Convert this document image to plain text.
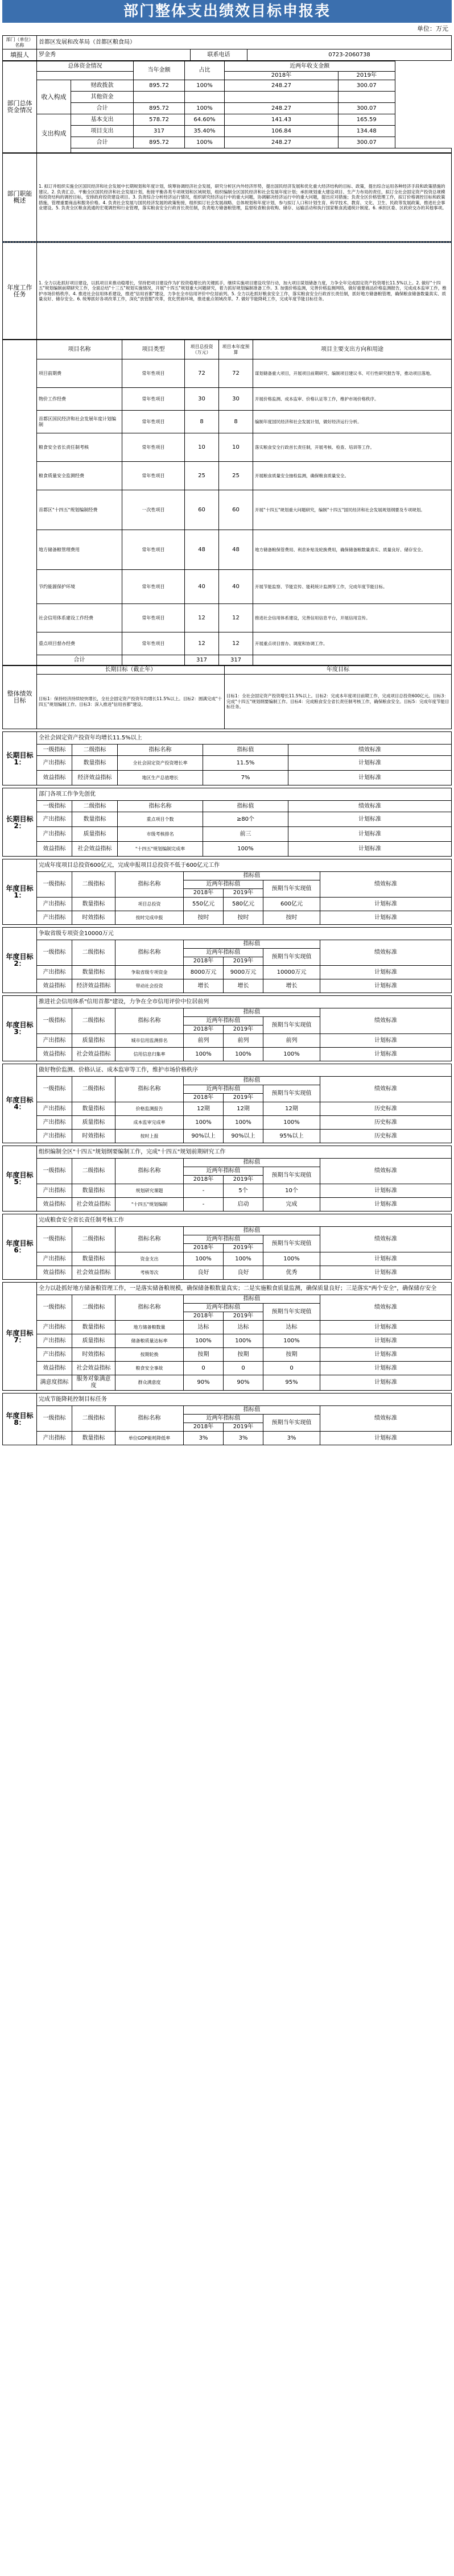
部门整体支出绩效目标申报表
单位：万元
部门（单位）名称	首都区发展和改革局（首都区粮食局）		
填报人	罗金秀	联系电话	0723-2060738
部门总体资金情况	总体资金情况		当年金额	占比	近两年收支金额	
					2018年	2019年
	收入构成	财政拨款	895.72	100%	248.27	300.07
		其他资金				
		合计	895.72	100%	248.27	300.07
	支出构成	基本支出	578.72	64.60%	141.43	165.59
		项目支出	317	35.40%	106.84	134.48
		合计	895.72	100%	248.27	300.07

部门职能概述	1. 拟订并组织实施全区国民经济和社会发展中长期规划和年度计划，统筹协调经济社会发展，研究分析区内外经济形势，提出国民经济发展和优化重大经济结构的目标、政策，提出综合运用各种经济手段和政策措施的建议。2. 负责汇总、平衡全区国民经济和社会发展计划，衔接平衡各类专项规划和区域规划，组织编制全区国民经济和社会发展年度计划；承担规划重大建设项目、生产力布局的责任，拟订全社会固定资产投资总规模和投资结构的调控目标，安排政府投资建设项目。3. 负责综合分析经济运行情况，组织研究经济运行中的重大问题，协调解决经济运行中的重大问题，提出应对措施；负责全区价格管理工作，拟订价格调控目标和政策措施，管理重要商品和服务价格。4. 负责社会发展与国民经济发展的政策衔接，组织拟订社会发展战略、总体规划和年度计划，参与拟订人口和计划生育、科学技术、教育、文化、卫生、民政等发展政策，推进社会事业建设。5. 负责全区粮食流通的宏观调控和行业管理，落实粮食安全行政首长责任制，负责地方储备粮管理，监督检查粮食收购、储存、运输活动和执行国家粮食流通统计制度。6. 承担区委、区政府交办的其他事项。
年度工作任务	1. 全力以赴抓好项目建设，以抓项目来推动稳增长，坚持把项目建设作为扩投资稳增长的关键抓手，继续实施项目建设攻坚行动，加大项目谋划储备力度，力争全年完成固定资产投资增长11.5%以上。2. 做好"十四五"规划编制前期研究工作，全面总结"十三五"规划实施情况，开展"十四五"规划重大问题研究，着力抓好规划编制准备工作。3. 加强价格监测，完善价格监测网络，做好重要商品价格监测报告，完成成本监审工作，维护市场价格秩序。4. 推进社会信用体系建设，推进"信用首都"建设，力争在全市信用评价中位居前列。5. 全力以赴抓好粮食安全工作，落实粮食安全行政首长责任制，抓好地方储备粮管理，确保粮食储备数量真实、质量良好、储存安全。6. 统筹抓好各项改革工作，深化"放管服"改革，优化营商环境，推进重点领域改革。7. 做好节能降耗工作，完成年度节能目标任务。
	项目名称	项目类型	项目总投资（万元）	项目本年度预算	项目主要支出方向和用途
	项目前期费	常年性项目	72	72	谋划储备重大项目，开展项目前期研究、编制项目建议书、可行性研究报告等，推动项目落地。
	物价工作经费	常年性项目	30	30	开展价格监测、成本监审、价格认证等工作，维护市场价格秩序。
	首都区国民经济和社会发展年度计划编制	常年性项目	8	8	编制年度国民经济和社会发展计划，做好经济运行分析。
	粮食安全省长责任制考核	常年性项目	10	10	落实粮食安全行政首长责任制，开展考核、检查、培训等工作。
	粮食质量安全监测经费	常年性项目	25	25	开展粮食质量安全抽检监测，确保粮食质量安全。
	首都区"十四五"规划编制经费	一次性项目	60	60	开展"十四五"规划重大问题研究，编制"十四五"国民经济和社会发展规划纲要及专项规划。
	地方储备粮管理费用	常年性项目	48	48	地方储备粮保管费用、利息补贴及轮换费用，确保储备粮数量真实、质量良好、储存安全。
	节约能源保护环境	常年性项目	40	40	开展节能监察、节能宣传、能耗统计监测等工作，完成年度节能目标。
	社会信用体系建设工作经费	常年性项目	12	12	推进社会信用体系建设，完善信用信息平台，开展信用宣传。
	重点项目督办经费	常年性项目	12	12	开展重点项目督办、调度和协调工作。
	合计		317	317	
整体绩效目标	长期目标（截止年）	年度目标
	目标1：保持经济持续较快增长，全社会固定资产投资年均增长11.5%以上。目标2：圆满完成"十四五"规划编制工作。目标3：深入推进"信用首都"建设。	目标1：全社会固定资产投资增长11.5%以上。目标2：完成本年度项目前期工作，完成项目总投资600亿元。目标3：完成"十四五"规划纲要编制工作。目标4：完成粮食安全省长责任制考核工作，确保粮食安全。目标5：完成年度节能目标任务。
长期目标1：	全社会固定资产投资年均增长11.5%以上				
	一级指标	二级指标	指标名称	指标值	绩效标准
	产出指标	数量指标	全社会固定资产投资增长率	11.5%	计划标准
	效益指标	经济效益指标	地区生产总值增长	7%	计划标准
长期目标2：	部门各项工作争先创优				
	一级指标	二级指标	指标名称	指标值	绩效标准
	产出指标	数量指标	重点项目个数	≥80个	计划标准
	产出指标	质量指标	市级考核排名	前三	计划标准
	效益指标	社会效益指标	"十四五"规划编制完成率	100%	计划标准
年度目标1：	完成年度项目总投资600亿元，完成申报项目总投资不低于600亿元工作						
	一级指标	二级指标	指标名称	指标值			绩效标准
				近两年指标值		预期当年实现值	
				2018年	2019年		
	产出指标	数量指标	项目总投资	550亿元	580亿元	600亿元	计划标准
	产出指标	时效指标	按时完成申报	按时	按时	按时	计划标准
年度目标2：	争取省级专项资金10000万元						
	一级指标	二级指标	指标名称	指标值			绩效标准
				近两年指标值		预期当年实现值	
				2018年	2019年		
	产出指标	数量指标	争取省级专项资金	8000万元	9000万元	10000万元	计划标准
	效益指标	经济效益指标	带动社会投资	增长	增长	增长	计划标准
年度目标3：	推进社会信用体系"信用首都"建设，力争在全市信用评价中位居前列						
	一级指标	二级指标	指标名称	指标值			绩效标准
				近两年指标值		预期当年实现值	
				2018年	2019年		
	产出指标	质量指标	城市信用监测排名	前列	前列	前列	计划标准
	效益指标	社会效益指标	信用信息归集率	100%	100%	100%	计划标准
年度目标4：	做好物价监测、价格认证、成本监审等工作，维护市场价格秩序						
	一级指标	二级指标	指标名称	指标值			绩效标准
				近两年指标值		预期当年实现值	
				2018年	2019年		
	产出指标	数量指标	价格监测报告	12期	12期	12期	历史标准
	产出指标	质量指标	成本监审完成率	100%	100%	100%	历史标准
	产出指标	时效指标	按时上报	90%以上	90%以上	95%以上	历史标准
年度目标5：	组织编制全区"十四五"规划纲要编制工作，完成"十四五"规划前期研究工作						
	一级指标	二级指标	指标名称	指标值			绩效标准
				近两年指标值		预期当年实现值	
				2018年	2019年		
	产出指标	数量指标	规划研究课题	-	5个	10个	计划标准
	效益指标	社会效益指标	"十四五"规划编制	-	启动	完成	计划标准
年度目标6：	完成粮食安全省长责任制考核工作						
	一级指标	二级指标	指标名称	指标值			绩效标准
				近两年指标值		预期当年实现值	
				2018年	2019年		
	产出指标	数量指标	资金支出	100%	100%	100%	计划标准
	效益指标	社会效益指标	考核等次	良好	良好	优秀	计划标准
年度目标7：	全力以赴抓好地方储备粮管理工作，一是落实储备粮规模，确保储备粮数量真实；二是实施粮食质量监测，确保质量良好；三是落实"两个安全"，确保储存安全						
	一级指标	二级指标	指标名称	指标值			绩效标准
				近两年指标值		预期当年实现值	
				2018年	2019年		
	产出指标	数量指标	地方储备粮数量	达标	达标	达标	计划标准
	产出指标	质量指标	储备粮质量达标率	100%	100%	100%	计划标准
	产出指标	时效指标	按期轮换	按期	按期	按期	计划标准
	效益指标	社会效益指标	粮食安全事故	0	0	0	计划标准
	满意度指标	服务对象满意度	群众满意度	90%	90%	95%	计划标准
年度目标8：	完成节能降耗控制目标任务						
	一级指标	二级指标	指标名称	指标值			绩效标准
				近两年指标值		预期当年实现值	
				2018年	2019年		
	产出指标	数量指标	单位GDP能耗降低率	3%	3%	3%	计划标准
